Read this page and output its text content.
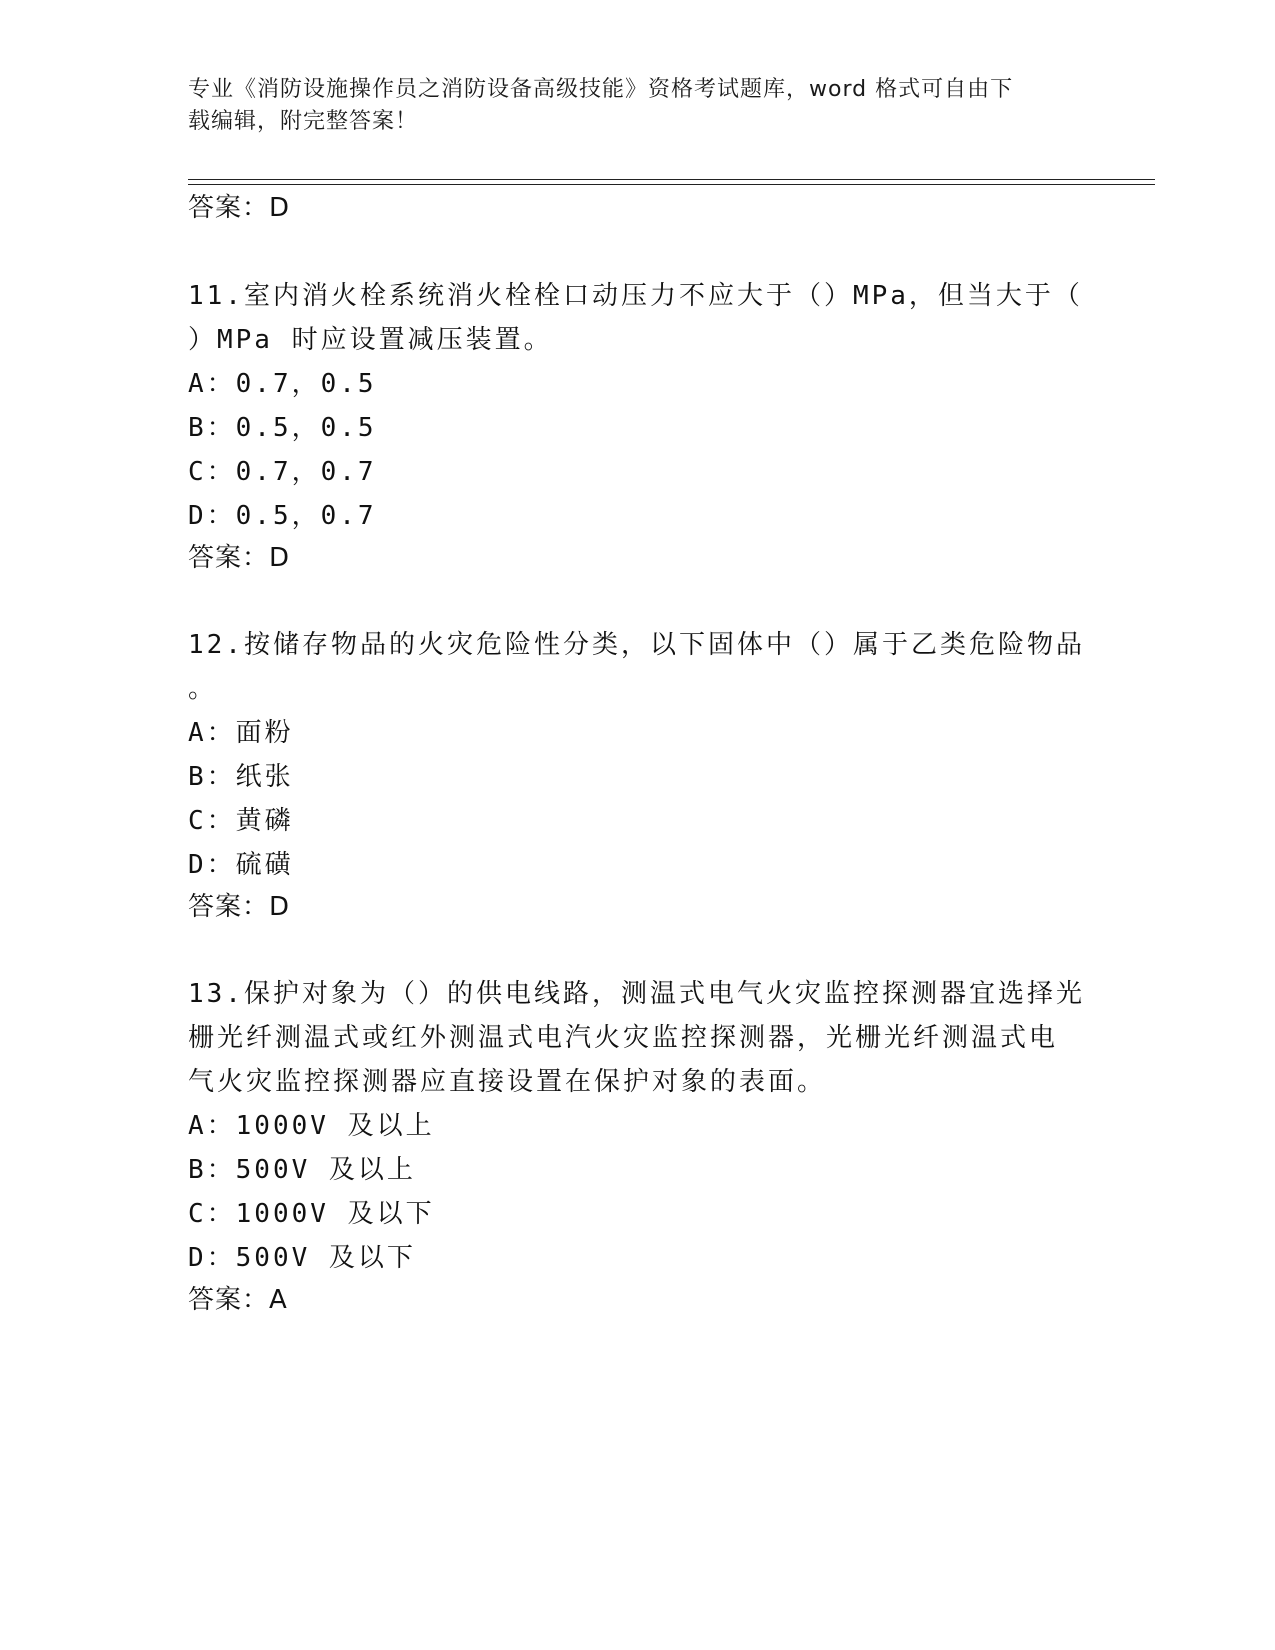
专业《消防设施操作员之消防设备高级技能》资格考试题库，word 格式可自由下
载编辑，附完整答案！
答案：D
11.室内消火栓系统消火栓栓口动压力不应大于（）MPa，但当大于（
）MPa 时应设置减压装置。
A：0.7，0.5
B：0.5，0.5
C：0.7，0.7
D：0.5，0.7
答案：D
12.按储存物品的火灾危险性分类，以下固体中（）属于乙类危险物品
。
A：面粉
B：纸张
C：黄磷
D：硫磺
答案：D
13.保护对象为（）的供电线路，测温式电气火灾监控探测器宜选择光
栅光纤测温式或红外测温式电汽火灾监控探测器，光栅光纤测温式电
气火灾监控探测器应直接设置在保护对象的表面。
A：1000V 及以上
B：500V 及以上
C：1000V 及以下
D：500V 及以下
答案：A
